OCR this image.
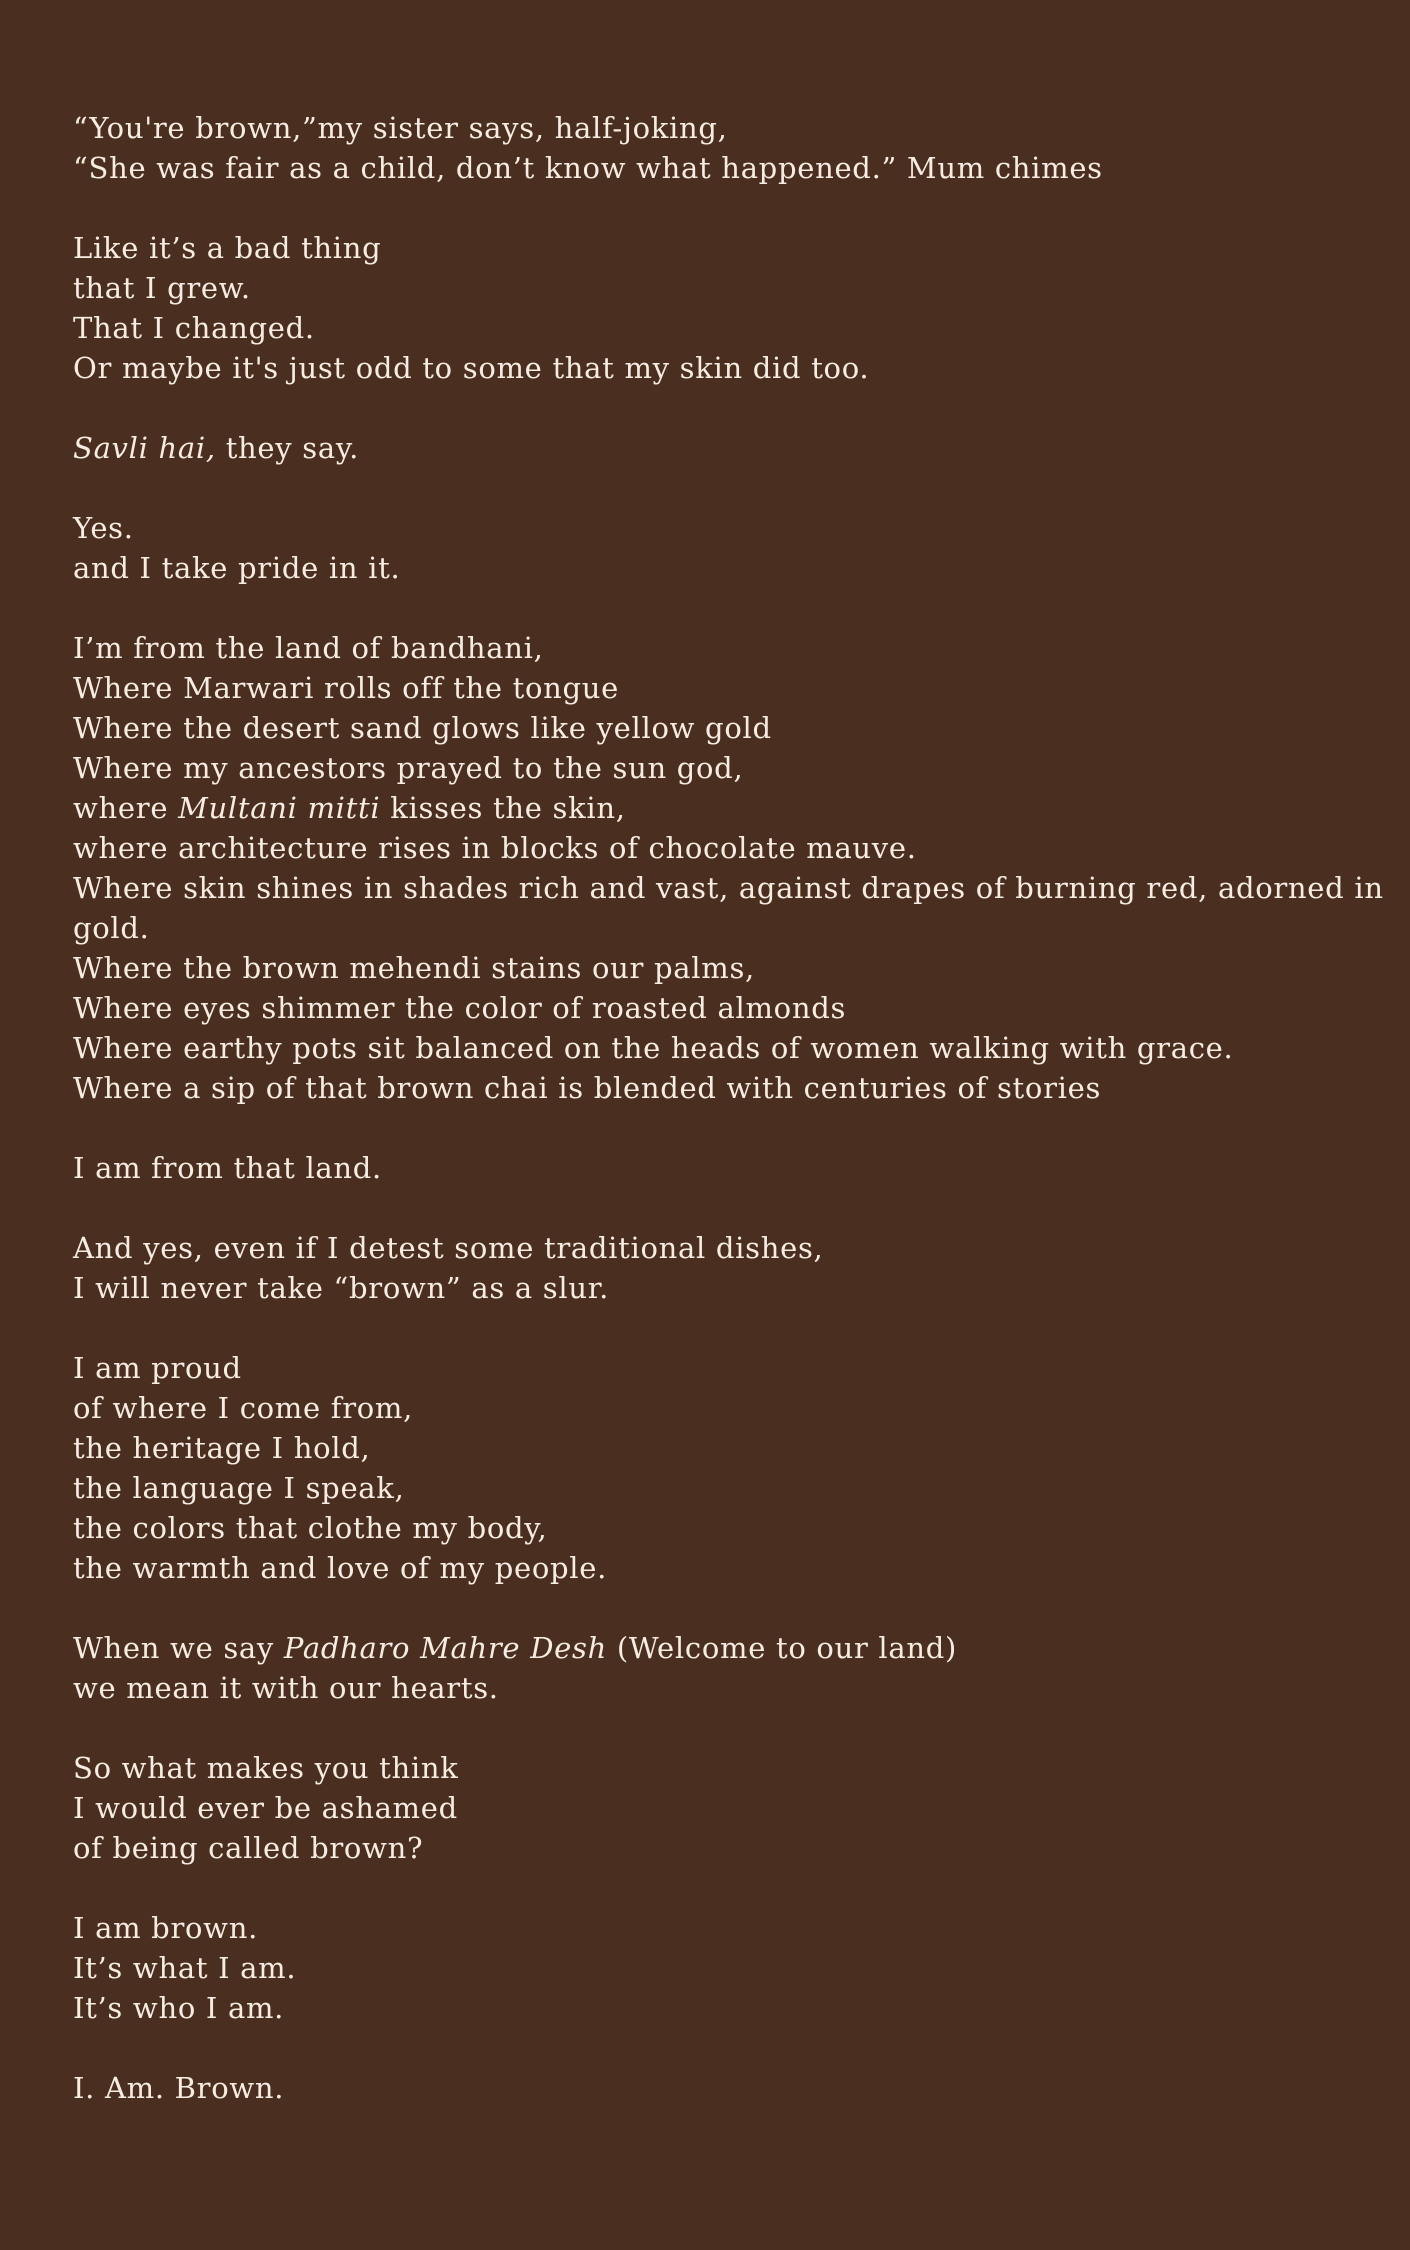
“You're brown,”my sister says, half-joking,
“She was fair as a child, don’t know what happened.” Mum chimes
Like it’s a bad thing
that I grew.
That I changed.
Or maybe it's just odd to some that my skin did too.
Savli hai, they say.
Yes.
and I take pride in it.
I’m from the land of bandhani,
Where Marwari rolls off the tongue
Where the desert sand glows like yellow gold
Where my ancestors prayed to the sun god,
where Multani mitti kisses the skin,
where architecture rises in blocks of chocolate mauve.
Where skin shines in shades rich and vast, against drapes of burning red, adorned in gold.
Where the brown mehendi stains our palms,
Where eyes shimmer the color of roasted almonds
Where earthy pots sit balanced on the heads of women walking with grace.
Where a sip of that brown chai is blended with centuries of stories
I am from that land.
And yes, even if I detest some traditional dishes,
I will never take “brown” as a slur.
I am proud
of where I come from,
the heritage I hold,
the language I speak,
the colors that clothe my body,
the warmth and love of my people.
When we say Padharo Mahre Desh (Welcome to our land)
we mean it with our hearts.
So what makes you think
I would ever be ashamed
of being called brown?
I am brown.
It’s what I am.
It’s who I am.
I. Am. Brown.
